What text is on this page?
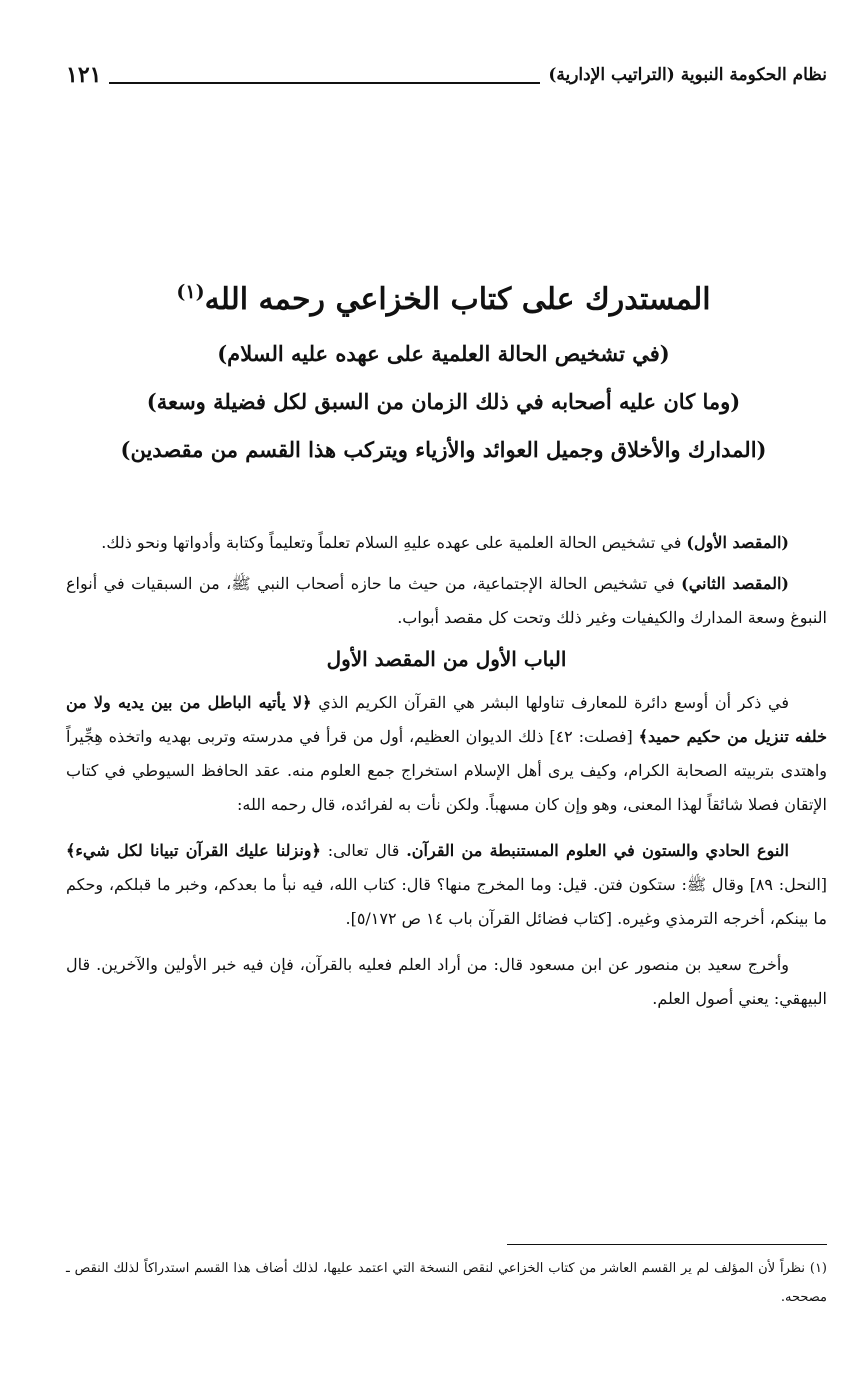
نظام الحكومة النبوية (التراتيب الإدارية)
١٢١
المستدرك على كتاب الخزاعي رحمه الله$^{(١)}$

(في تشخيص الحالة العلمية على عهده عليه السلام)

(وما كان عليه أصحابه في ذلك الزمان من السبق لكل فضيلة وسعة)

(المدارك والأخلاق وجميل العوائد والأزياء ويتركب هذا القسم من مقصدين)

(المقصد الأول) في تشخيص الحالة العلمية على عهده عليهِ السلام تعلماً وتعليماً وكتابة وأدواتها ونحو ذلك.

(المقصد الثاني) في تشخيص الحالة الإجتماعية، من حيث ما حازه أصحاب النبي ﷺ، من السبقيات في أنواع النبوغ وسعة المدارك والكيفيات وغير ذلك وتحت كل مقصد أبواب.

الباب الأول من المقصد الأول

في ذكر أن أوسع دائرة للمعارف تناولها البشر هي القرآن الكريم الذي ﴿لا يأتيه الباطل من بين يديه ولا من خلفه تنزيل من حكيم حميد﴾ [فصلت: ٤٢] ذلك الديوان العظيم، أول من قرأ في مدرسته وتربى بهديه واتخذه هِجِّيراً واهتدى بتربيته الصحابة الكرام، وكيف يرى أهل الإسلام استخراج جمع العلوم منه. عقد الحافظ السيوطي في كتاب الإتقان فصلا شائقاً لهذا المعنى، وهو وإن كان مسهباً. ولكن نأت به لفرائده، قال رحمه الله:

النوع الحادي والستون في العلوم المستنبطة من القرآن. قال تعالى: ﴿ونزلنا عليك القرآن تبيانا لكل شيء﴾ [النحل: ٨٩] وقال ﷺ: ستكون فتن. قيل: وما المخرج منها؟ قال: كتاب الله، فيه نبأ ما بعدكم، وخبر ما قبلكم، وحكم ما بينكم، أخرجه الترمذي وغيره. [كتاب فضائل القرآن باب ١٤ ص ٥/١٧٢].

وأخرج سعيد بن منصور عن ابن مسعود قال: من أراد العلم فعليه بالقرآن، فإن فيه خبر الأولين والآخرين. قال البيهقي: يعني أصول العلم.

(١) نظراً لأن المؤلف لم ير القسم العاشر من كتاب الخزاعي لنقص النسخة التي اعتمد عليها، لذلك أضاف هذا القسم استدراكاً لذلك النقص ـ مصححه.
